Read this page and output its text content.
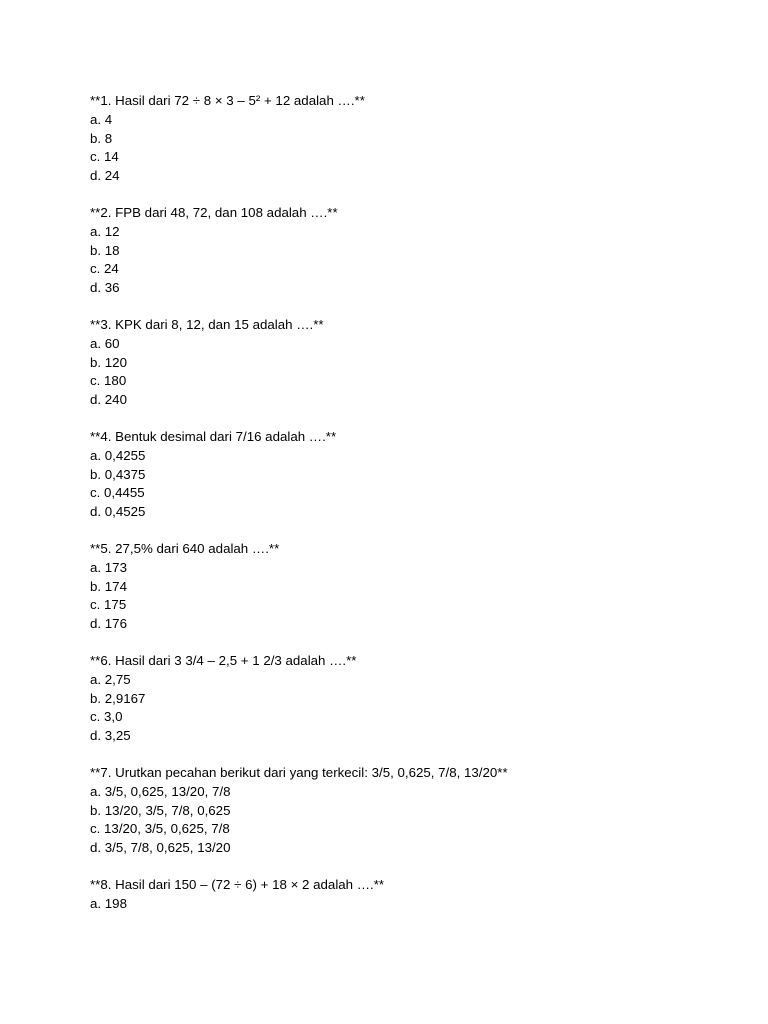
**1. Hasil dari 72 ÷ 8 × 3 – 5² + 12 adalah ….**

a. 4

b. 8

c. 14

d. 24

**2. FPB dari 48, 72, dan 108 adalah ….**

a. 12

b. 18

c. 24

d. 36

**3. KPK dari 8, 12, dan 15 adalah ….**

a. 60

b. 120

c. 180

d. 240

**4. Bentuk desimal dari 7/16 adalah ….**

a. 0,4255

b. 0,4375

c. 0,4455

d. 0,4525

**5. 27,5% dari 640 adalah ….**

a. 173

b. 174

c. 175

d. 176

**6. Hasil dari 3 3/4 – 2,5 + 1 2/3 adalah ….**

a. 2,75

b. 2,9167

c. 3,0

d. 3,25

**7. Urutkan pecahan berikut dari yang terkecil: 3/5, 0,625, 7/8, 13/20**

a. 3/5, 0,625, 13/20, 7/8

b. 13/20, 3/5, 7/8, 0,625

c. 13/20, 3/5, 0,625, 7/8

d. 3/5, 7/8, 0,625, 13/20

**8. Hasil dari 150 – (72 ÷ 6) + 18 × 2 adalah ….**

a. 198
